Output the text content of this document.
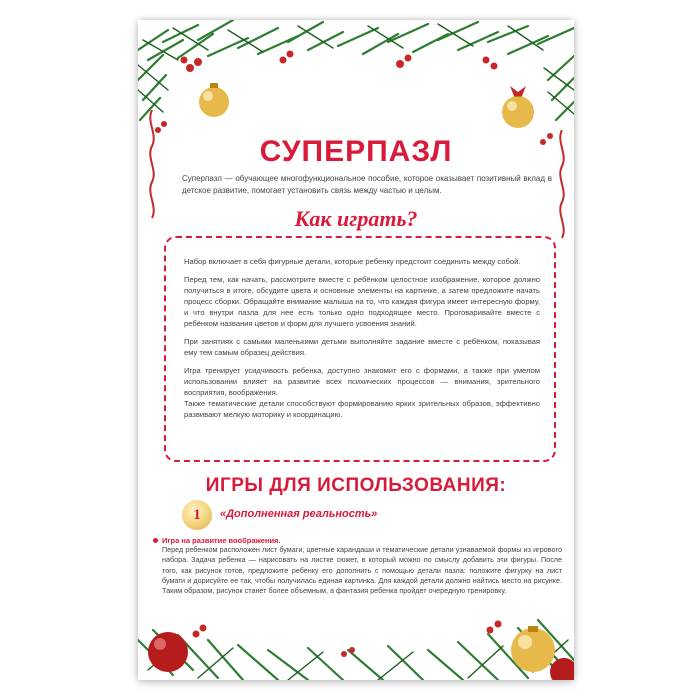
СУПЕРПАЗЛ
Суперпазл — обучающее многофункциональное пособие, которое оказывает позитивный вклад в детское развитие, помогает установить связь между частью и целым.
Как играть?

Набор включает в себя фигурные детали, которые ребенку предстоит соединить между собой.

Перед тем, как начать, рассмотрите вместе с ребёнком целостное изображение, которое должно получиться в итоге, обсудите цвета и основные элементы на картинке, а затем предложите начать процесс сборки. Обращайте внимание малыша на то, что каждая фигура имеет интересную форму, и что внутри пазла для нее есть только одно подходящее место. Проговаривайте вместе с ребёнком названия цветов и форм для лучшего усвоения знаний.

При занятиях с самыми маленькими детьми выполняйте задание вместе с ребёнком, показывая ему тем самым образец действия.

Игра тренирует усидчивость ребенка, доступно знакомит его с формами, а также при умелом использовании влияет на развитие всех психических процессов — внимания, зрительного восприятия, воображения.

Также тематические детали способствуют формированию ярких зрительных образов, эффективно развивают мелкую моторику и координацию.

ИГРЫ ДЛЯ ИСПОЛЬЗОВАНИЯ:
1	«Дополненная реальность»
Игра на развитие воображения.
Перед ребенком расположен лист бумаги, цветные карандаши и тематические детали узнаваемой формы из игрового набора. Задача ребенка — нарисовать на листке сюжет, в который можно по смыслу добавить эти фигуры. После того, как рисунок готов, предложите ребенку его дополнить с помощью детали пазла: положите фигурку на лист бумаги и дорисуйте ее так, чтобы получилась единая картинка. Для каждой детали должно найтись место на рисунке. Таким образом, рисунок станет более объемным, а фантазия ребенка пройдет очередную тренировку.
